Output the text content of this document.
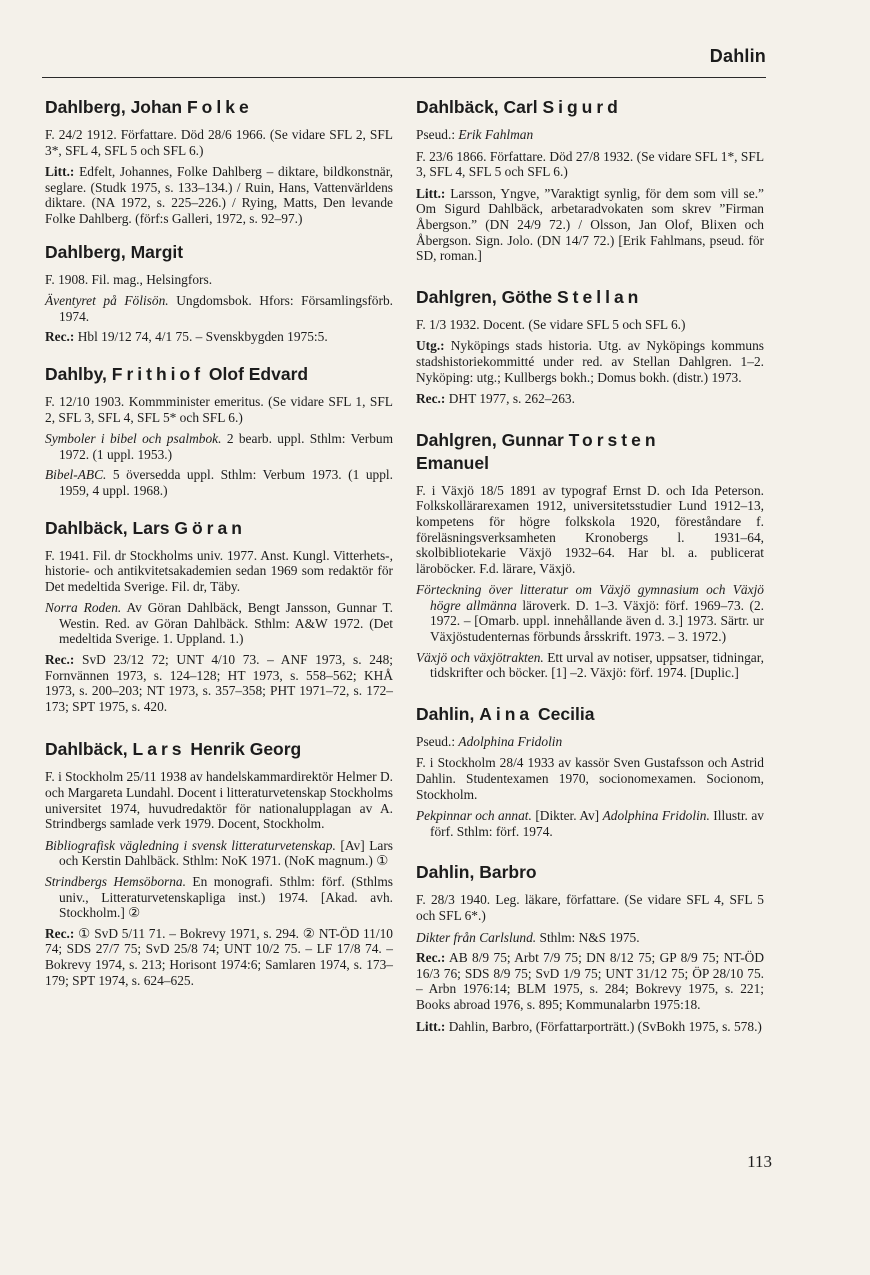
Dahlin
Dahlberg, Johan Folke

F. 24/2 1912. Författare. Död 28/6 1966. (Se vidare SFL 2, SFL 3*, SFL 4, SFL 5 och SFL 6.)

Litt.: Edfelt, Johannes, Folke Dahlberg – diktare, bildkonstnär, seglare. (Studk 1975, s. 133–134.) / Ruin, Hans, Vattenvärldens diktare. (NA 1972, s. 225–226.) / Rying, Matts, Den levande Folke Dahlberg. (förf:s Galleri, 1972, s. 92–97.)

Dahlberg, Margit

F. 1908. Fil. mag., Helsingfors.

Äventyret på Fölisön. Ungdomsbok. Hfors: Församlingsförb. 1974.

Rec.: Hbl 19/12 74, 4/1 75. – Svenskbygden 1975:5.

Dahlby, Frithiof Olof Edvard

F. 12/10 1903. Kommminister emeritus. (Se vidare SFL 1, SFL 2, SFL 3, SFL 4, SFL 5* och SFL 6.)

Symboler i bibel och psalmbok. 2 bearb. uppl. Sthlm: Verbum 1972. (1 uppl. 1953.)

Bibel-ABC. 5 översedda uppl. Sthlm: Verbum 1973. (1 uppl. 1959, 4 uppl. 1968.)

Dahlbäck, Lars Göran

F. 1941. Fil. dr Stockholms univ. 1977. Anst. Kungl. Vitterhets-, historie- och antikvitetsakademien sedan 1969 som redaktör för Det medeltida Sverige. Fil. dr, Täby.

Norra Roden. Av Göran Dahlbäck, Bengt Jansson, Gunnar T. Westin. Red. av Göran Dahlbäck. Sthlm: A&W 1972. (Det medeltida Sverige. 1. Uppland. 1.)

Rec.: SvD 23/12 72; UNT 4/10 73. – ANF 1973, s. 248; Fornvännen 1973, s. 124–128; HT 1973, s. 558–562; KHÅ 1973, s. 200–203; NT 1973, s. 357–358; PHT 1971–72, s. 172–173; SPT 1975, s. 420.

Dahlbäck, Lars Henrik Georg

F. i Stockholm 25/11 1938 av handelskammardirektör Helmer D. och Margareta Lundahl. Docent i litteraturvetenskap Stockholms universitet 1974, huvudredaktör för nationalupplagan av A. Strindbergs samlade verk 1979. Docent, Stockholm.

Bibliografisk vägledning i svensk litteraturvetenskap. [Av] Lars och Kerstin Dahlbäck. Sthlm: NoK 1971. (NoK magnum.) ①

Strindbergs Hemsöborna. En monografi. Sthlm: förf. (Sthlms univ., Litteraturvetenskapliga inst.) 1974. [Akad. avh. Stockholm.] ②

Rec.: ① SvD 5/11 71. – Bokrevy 1971, s. 294. ② NT-ÖD 11/10 74; SDS 27/7 75; SvD 25/8 74; UNT 10/2 75. – LF 17/8 74. – Bokrevy 1974, s. 213; Horisont 1974:6; Samlaren 1974, s. 173–179; SPT 1974, s. 624–625.

Dahlbäck, Carl Sigurd

Pseud.: Erik Fahlman

F. 23/6 1866. Författare. Död 27/8 1932. (Se vidare SFL 1*, SFL 3, SFL 4, SFL 5 och SFL 6.)

Litt.: Larsson, Yngve, ”Varaktigt synlig, för dem som vill se.” Om Sigurd Dahlbäck, arbetaradvokaten som skrev ”Firman Åbergson.” (DN 24/9 72.) / Olsson, Jan Olof, Blixen och Åbergson. Sign. Jolo. (DN 14/7 72.) [Erik Fahlmans, pseud. för SD, roman.]

Dahlgren, Göthe Stellan

F. 1/3 1932. Docent. (Se vidare SFL 5 och SFL 6.)

Utg.: Nyköpings stads historia. Utg. av Nyköpings kommuns stadshistoriekommitté under red. av Stellan Dahlgren. 1–2. Nyköping: utg.; Kullbergs bokh.; Domus bokh. (distr.) 1973.

Rec.: DHT 1977, s. 262–263.

Dahlgren, Gunnar Torsten
Emanuel

F. i Växjö 18/5 1891 av typograf Ernst D. och Ida Peterson. Folkskollärarexamen 1912, universitetsstudier Lund 1912–13, kompetens för högre folkskola 1920, föreståndare f. föreläsningsverksamheten Kronobergs l. 1931–64, skolbibliotekarie Växjö 1932–64. Har bl. a. publicerat läroböcker. F.d. lärare, Växjö.

Förteckning över litteratur om Växjö gymnasium och Växjö högre allmänna läroverk. D. 1–3. Växjö: förf. 1969–73. (2. 1972. – [Omarb. uppl. innehållande även d. 3.] 1973. Särtr. ur Växjöstudenternas förbunds årsskrift. 1973. – 3. 1972.)

Växjö och växjötrakten. Ett urval av notiser, uppsatser, tidningar, tidskrifter och böcker. [1] –2. Växjö: förf. 1974. [Duplic.]

Dahlin, Aina Cecilia

Pseud.: Adolphina Fridolin

F. i Stockholm 28/4 1933 av kassör Sven Gustafsson och Astrid Dahlin. Studentexamen 1970, socionomexamen. Socionom, Stockholm.

Pekpinnar och annat. [Dikter. Av] Adolphina Fridolin. Illustr. av förf. Sthlm: förf. 1974.

Dahlin, Barbro

F. 28/3 1940. Leg. läkare, författare. (Se vidare SFL 4, SFL 5 och SFL 6*.)

Dikter från Carlslund. Sthlm: N&S 1975.

Rec.: AB 8/9 75; Arbt 7/9 75; DN 8/12 75; GP 8/9 75; NT-ÖD 16/3 76; SDS 8/9 75; SvD 1/9 75; UNT 31/12 75; ÖP 28/10 75. – Arbn 1976:14; BLM 1975, s. 284; Bokrevy 1975, s. 221; Books abroad 1976, s. 895; Kommunalarbn 1975:18.

Litt.: Dahlin, Barbro, (Författarporträtt.) (SvBokh 1975, s. 578.)

113
